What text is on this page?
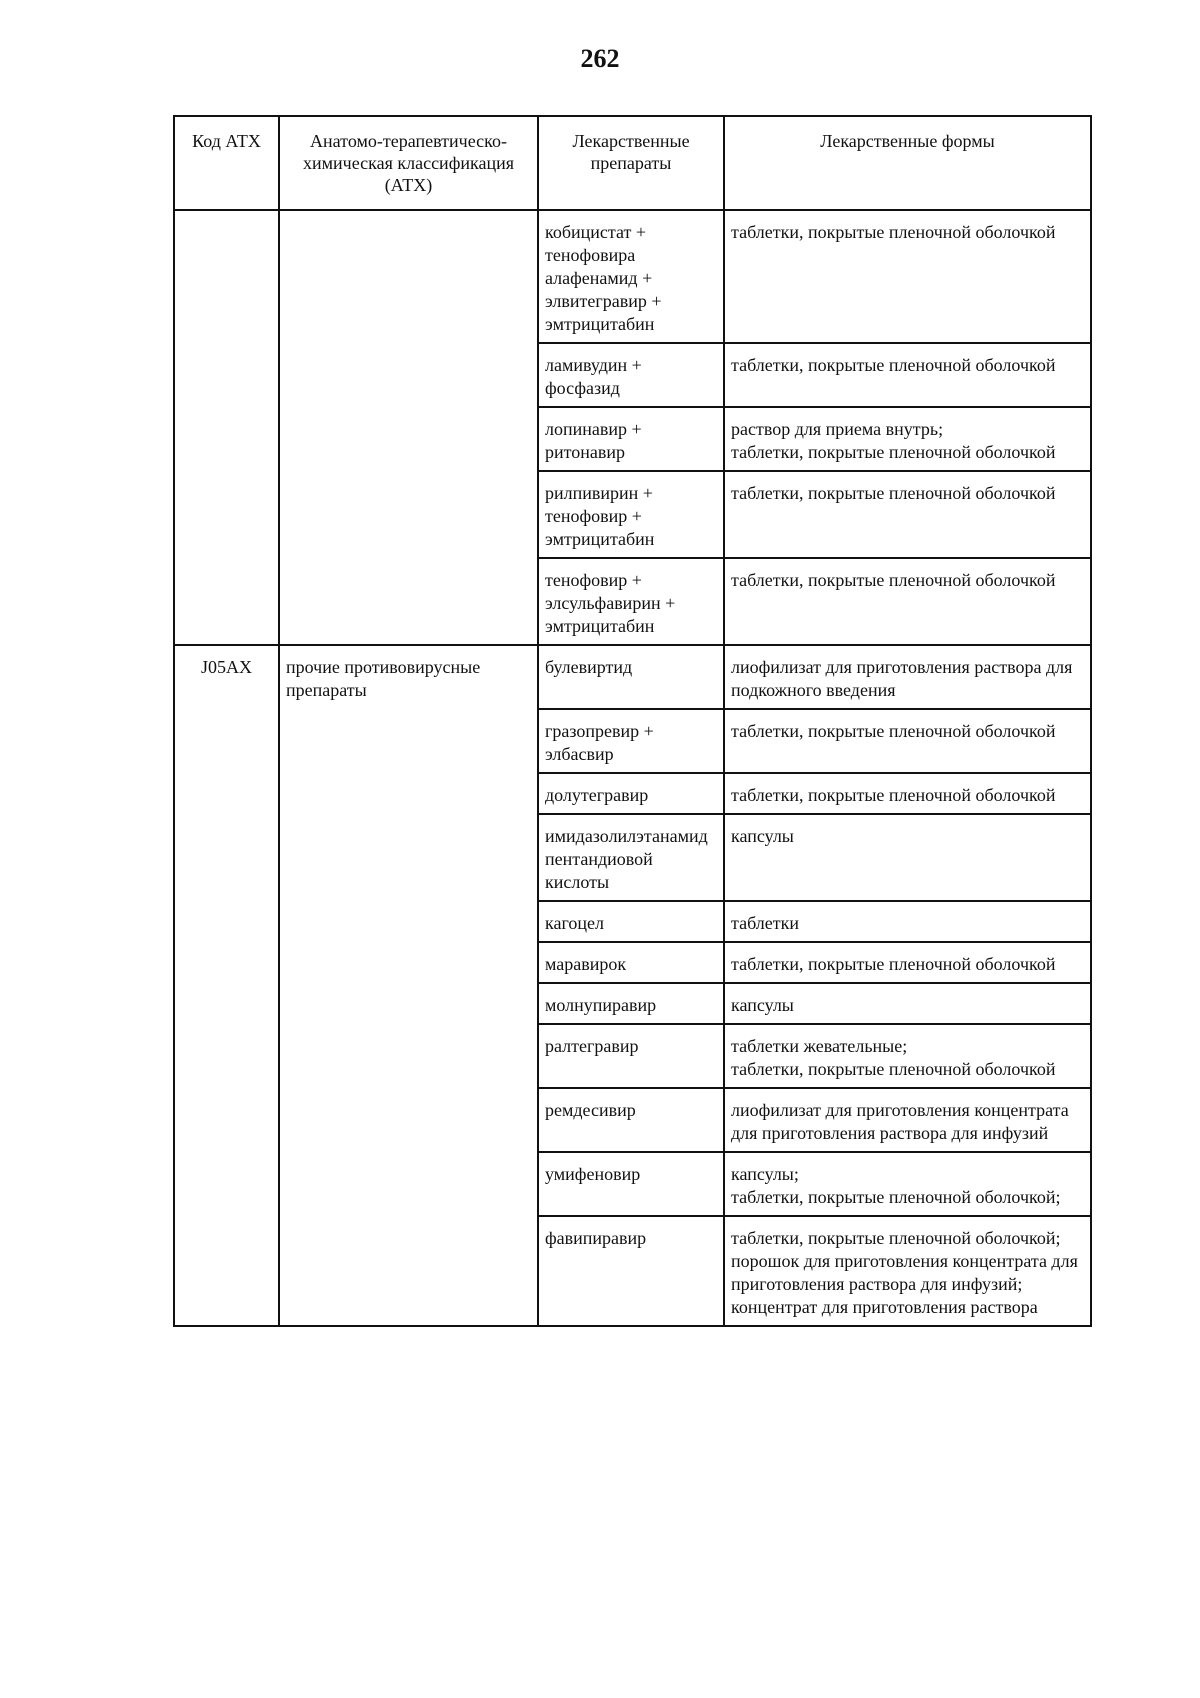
262
Код АТХ	Анатомо-терапевтическо-химическая классификация (АТХ)	Лекарственные препараты	Лекарственные формы
		кобицистат + тенофовира алафенамид + элвитегравир + эмтрицитабин	таблетки, покрытые пленочной оболочкой

		ламивудин + фосфазид	таблетки, покрытые пленочной оболочкой

		лопинавир + ритонавир	раствор для приема внутрь;
таблетки, покрытые пленочной оболочкой

		рилпивирин + тенофовир + эмтрицитабин	таблетки, покрытые пленочной оболочкой

		тенофовир + элсульфавирин + эмтрицитабин	таблетки, покрытые пленочной оболочкой

J05AX	прочие противовирусные препараты	булевиртид	лиофилизат для приготовления раствора для подкожного введения

		гразопревир + элбасвир	таблетки, покрытые пленочной оболочкой

		долутегравир	таблетки, покрытые пленочной оболочкой

		имидазолилэтанамид пентандиовой кислоты	капсулы

		кагоцел	таблетки

		маравирок	таблетки, покрытые пленочной оболочкой

		молнупиравир	капсулы

		ралтегравир	таблетки жевательные;
таблетки, покрытые пленочной оболочкой

		ремдесивир	лиофилизат для приготовления концентрата для приготовления раствора для инфузий

		умифеновир	капсулы;
таблетки, покрытые пленочной оболочкой;

		фавипиравир	таблетки, покрытые пленочной оболочкой;
порошок для приготовления концентрата для приготовления раствора для инфузий;
концентрат для приготовления раствора
